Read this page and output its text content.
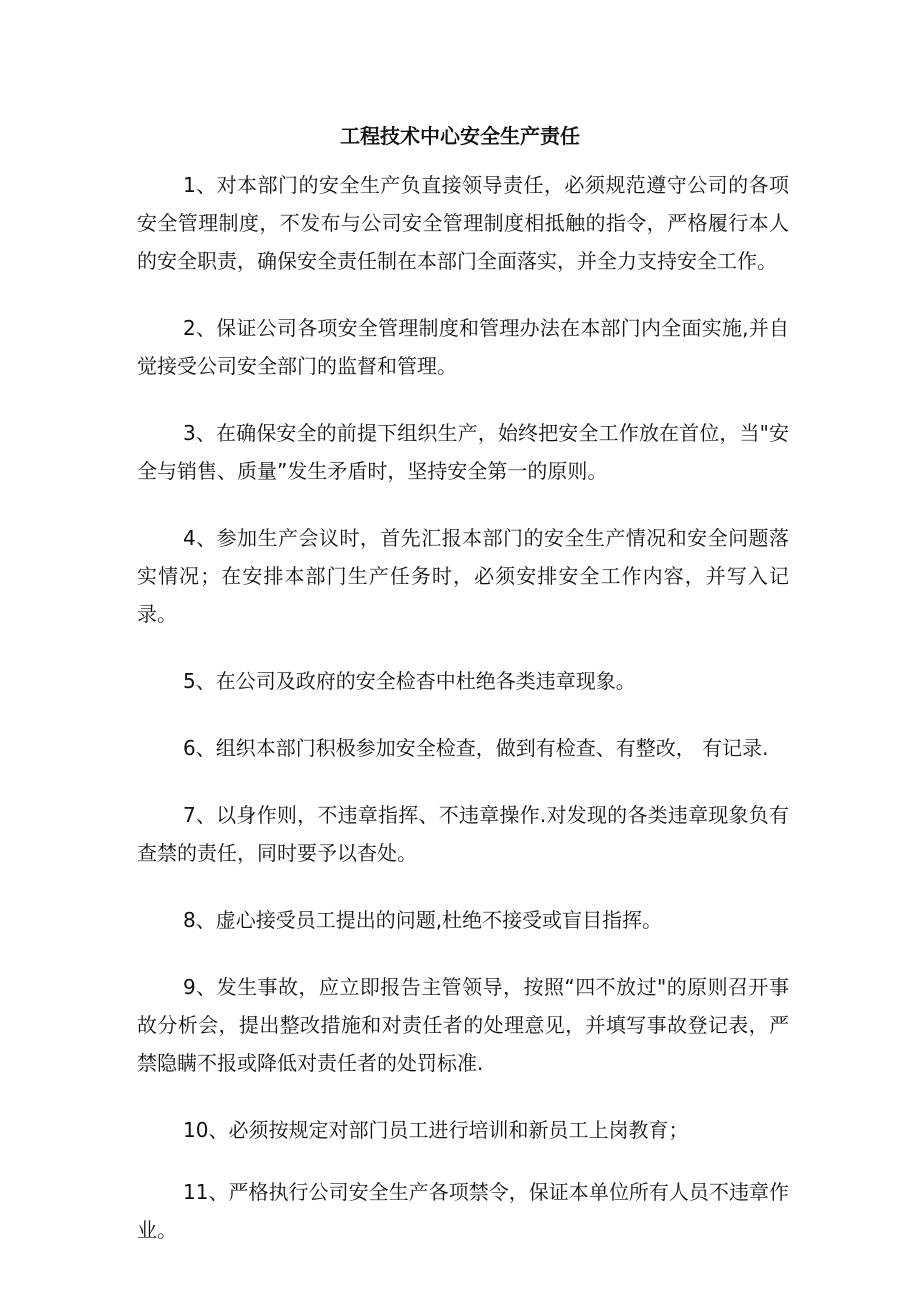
工程技术中心安全生产责任

1、对本部门的安全生产负直接领导责任，必须规范遵守公司的各项安全管理制度，不发布与公司安全管理制度相抵触的指令，严格履行本人的安全职责，确保安全责任制在本部门全面落实，并全力支持安全工作。

2、保证公司各项安全管理制度和管理办法在本部门内全面实施,并自觉接受公司安全部门的监督和管理。

3、在确保安全的前提下组织生产，始终把安全工作放在首位，当"安全与销售、质量”发生矛盾时，坚持安全第一的原则。

4、参加生产会议时，首先汇报本部门的安全生产情况和安全问题落实情况；在安排本部门生产任务时，必须安排安全工作内容，并写入记录。

5、在公司及政府的安全检杳中杜绝各类违章现象。

6、组织本部门积极参加安全检查，做到有检查、有整改， 有记录.

7、以身作则，不违章指挥、不违章操作.对发现的各类违章现象负有查禁的责任，同时要予以杳处。

8、虚心接受员工提出的问题,杜绝不接受或盲目指挥。

9、发生事故，应立即报告主管领导，按照“四不放过"的原则召开事故分析会，提出整改措施和对责任者的处理意见，并填写事故登记表，严禁隐瞒不报或降低对责任者的处罚标准.

10、必须按规定对部门员工进行培训和新员工上岗教育；

11、严格执行公司安全生产各项禁令，保证本单位所有人员不违章作业。
